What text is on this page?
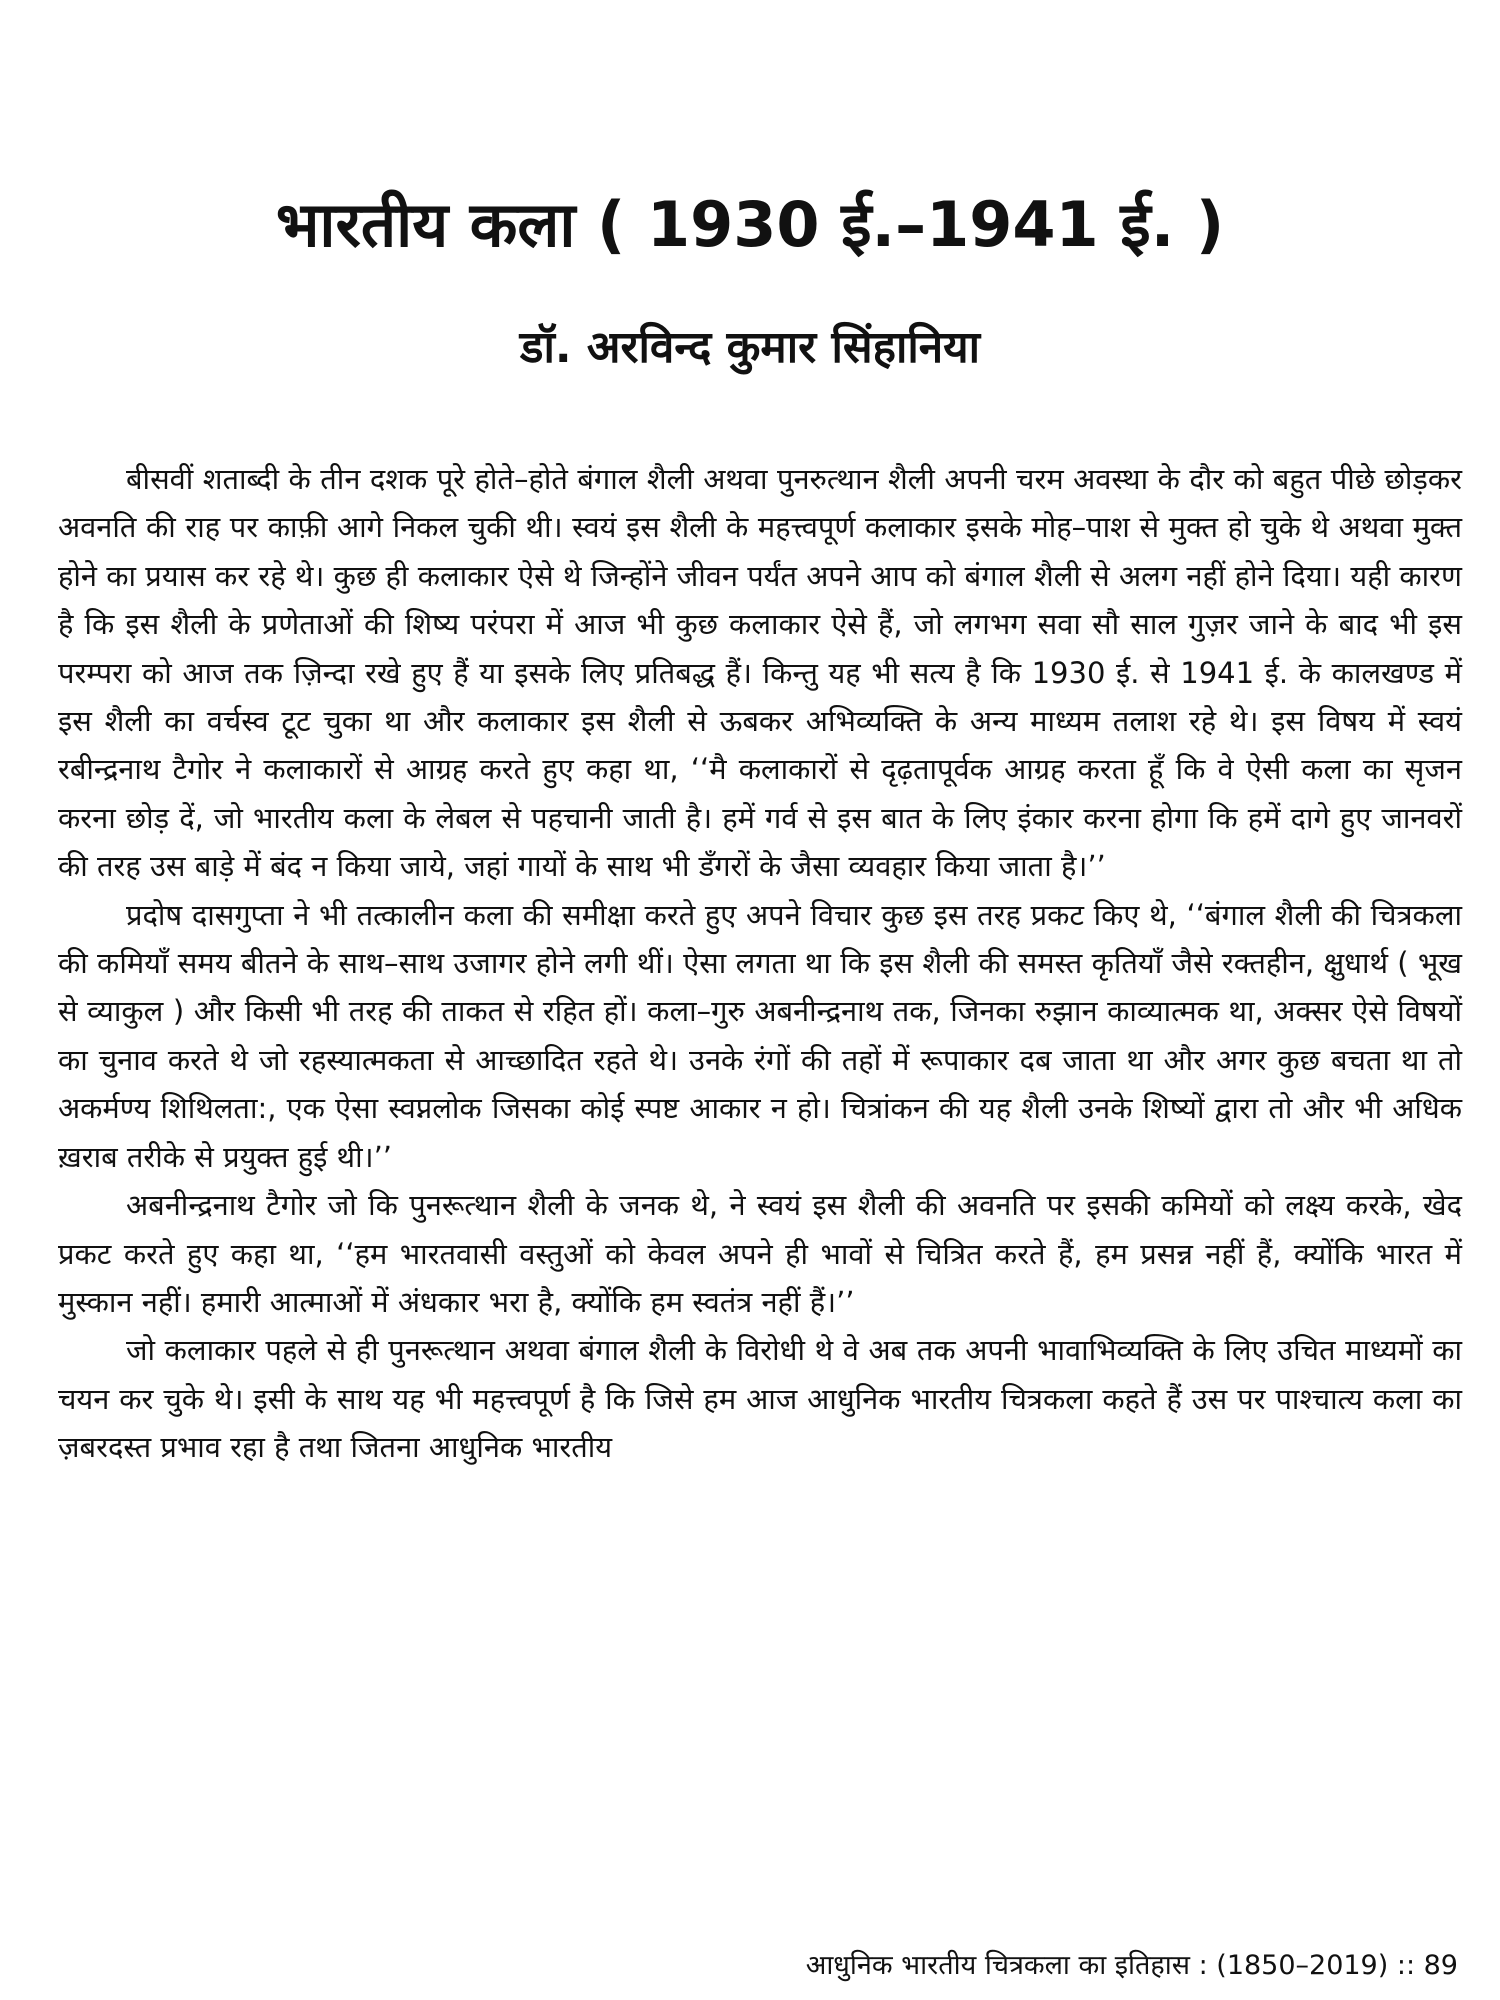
भारतीय कला ( 1930 ई.–1941 ई. )
डॉ. अरविन्द कुमार सिंहानिया

बीसवीं शताब्दी के तीन दशक पूरे होते–होते बंगाल शैली अथवा पुनरुत्थान शैली अपनी चरम अवस्था के दौर को बहुत पीछे छोड़कर अवनति की राह पर काफ़ी आगे निकल चुकी थी। स्वयं इस शैली के महत्त्वपूर्ण कलाकार इसके मोह–पाश से मुक्त हो चुके थे अथवा मुक्त होने का प्रयास कर रहे थे। कुछ ही कलाकार ऐसे थे जिन्होंने जीवन पर्यंत अपने आप को बंगाल शैली से अलग नहीं होने दिया। यही कारण है कि इस शैली के प्रणेताओं की शिष्य परंपरा में आज भी कुछ कलाकार ऐसे हैं, जो लगभग सवा सौ साल गुज़र जाने के बाद भी इस परम्परा को आज तक ज़िन्दा रखे हुए हैं या इसके लिए प्रतिबद्ध हैं। किन्तु यह भी सत्य है कि 1930 ई. से 1941 ई. के कालखण्ड में इस शैली का वर्चस्व टूट चुका था और कलाकार इस शैली से ऊबकर अभिव्यक्ति के अन्य माध्यम तलाश रहे थे। इस विषय में स्वयं रबीन्द्रनाथ टैगोर ने कलाकारों से आग्रह करते हुए कहा था, ‘‘मै कलाकारों से दृढ़तापूर्वक आग्रह करता हूँ कि वे ऐसी कला का सृजन करना छोड़ दें, जो भारतीय कला के लेबल से पहचानी जाती है। हमें गर्व से इस बात के लिए इंकार करना होगा कि हमें दागे हुए जानवरों की तरह उस बाड़े में बंद न किया जाये, जहां गायों के साथ भी डँगरों के जैसा व्यवहार किया जाता है।’’

प्रदोष दासगुप्ता ने भी तत्कालीन कला की समीक्षा करते हुए अपने विचार कुछ इस तरह प्रकट किए थे, ‘‘बंगाल शैली की चित्रकला की कमियाँ समय बीतने के साथ–साथ उजागर होने लगी थीं। ऐसा लगता था कि इस शैली की समस्त कृतियाँ जैसे रक्तहीन, क्षुधार्थ ( भूख से व्याकुल ) और किसी भी तरह की ताकत से रहित हों। कला–गुरु अबनीन्द्रनाथ तक, जिनका रुझान काव्यात्मक था, अक्सर ऐसे विषयों का चुनाव करते थे जो रहस्यात्मकता से आच्छादित रहते थे। उनके रंगों की तहों में रूपाकार दब जाता था और अगर कुछ बचता था तो अकर्मण्य शिथिलता:, एक ऐसा स्वप्नलोक जिसका कोई स्पष्ट आकार न हो। चित्रांकन की यह शैली उनके शिष्यों द्वारा तो और भी अधिक ख़राब तरीके से प्रयुक्त हुई थी।’’

अबनीन्द्रनाथ टैगोर जो कि पुनरूत्थान शैली के जनक थे, ने स्वयं इस शैली की अवनति पर इसकी कमियों को लक्ष्य करके, खेद प्रकट करते हुए कहा था, ‘‘हम भारतवासी वस्तुओं को केवल अपने ही भावों से चित्रित करते हैं, हम प्रसन्न नहीं हैं, क्योंकि भारत में मुस्कान नहीं। हमारी आत्माओं में अंधकार भरा है, क्योंकि हम स्वतंत्र नहीं हैं।’’

जो कलाकार पहले से ही पुनरूत्थान अथवा बंगाल शैली के विरोधी थे वे अब तक अपनी भावाभिव्यक्ति के लिए उचित माध्यमों का चयन कर चुके थे। इसी के साथ यह भी महत्त्वपूर्ण है कि जिसे हम आज आधुनिक भारतीय चित्रकला कहते हैं उस पर पाश्चात्य कला का ज़बरदस्त प्रभाव रहा है तथा जितना आधुनिक भारतीय

आधुनिक भारतीय चित्रकला का इतिहास : (1850–2019) :: 89
